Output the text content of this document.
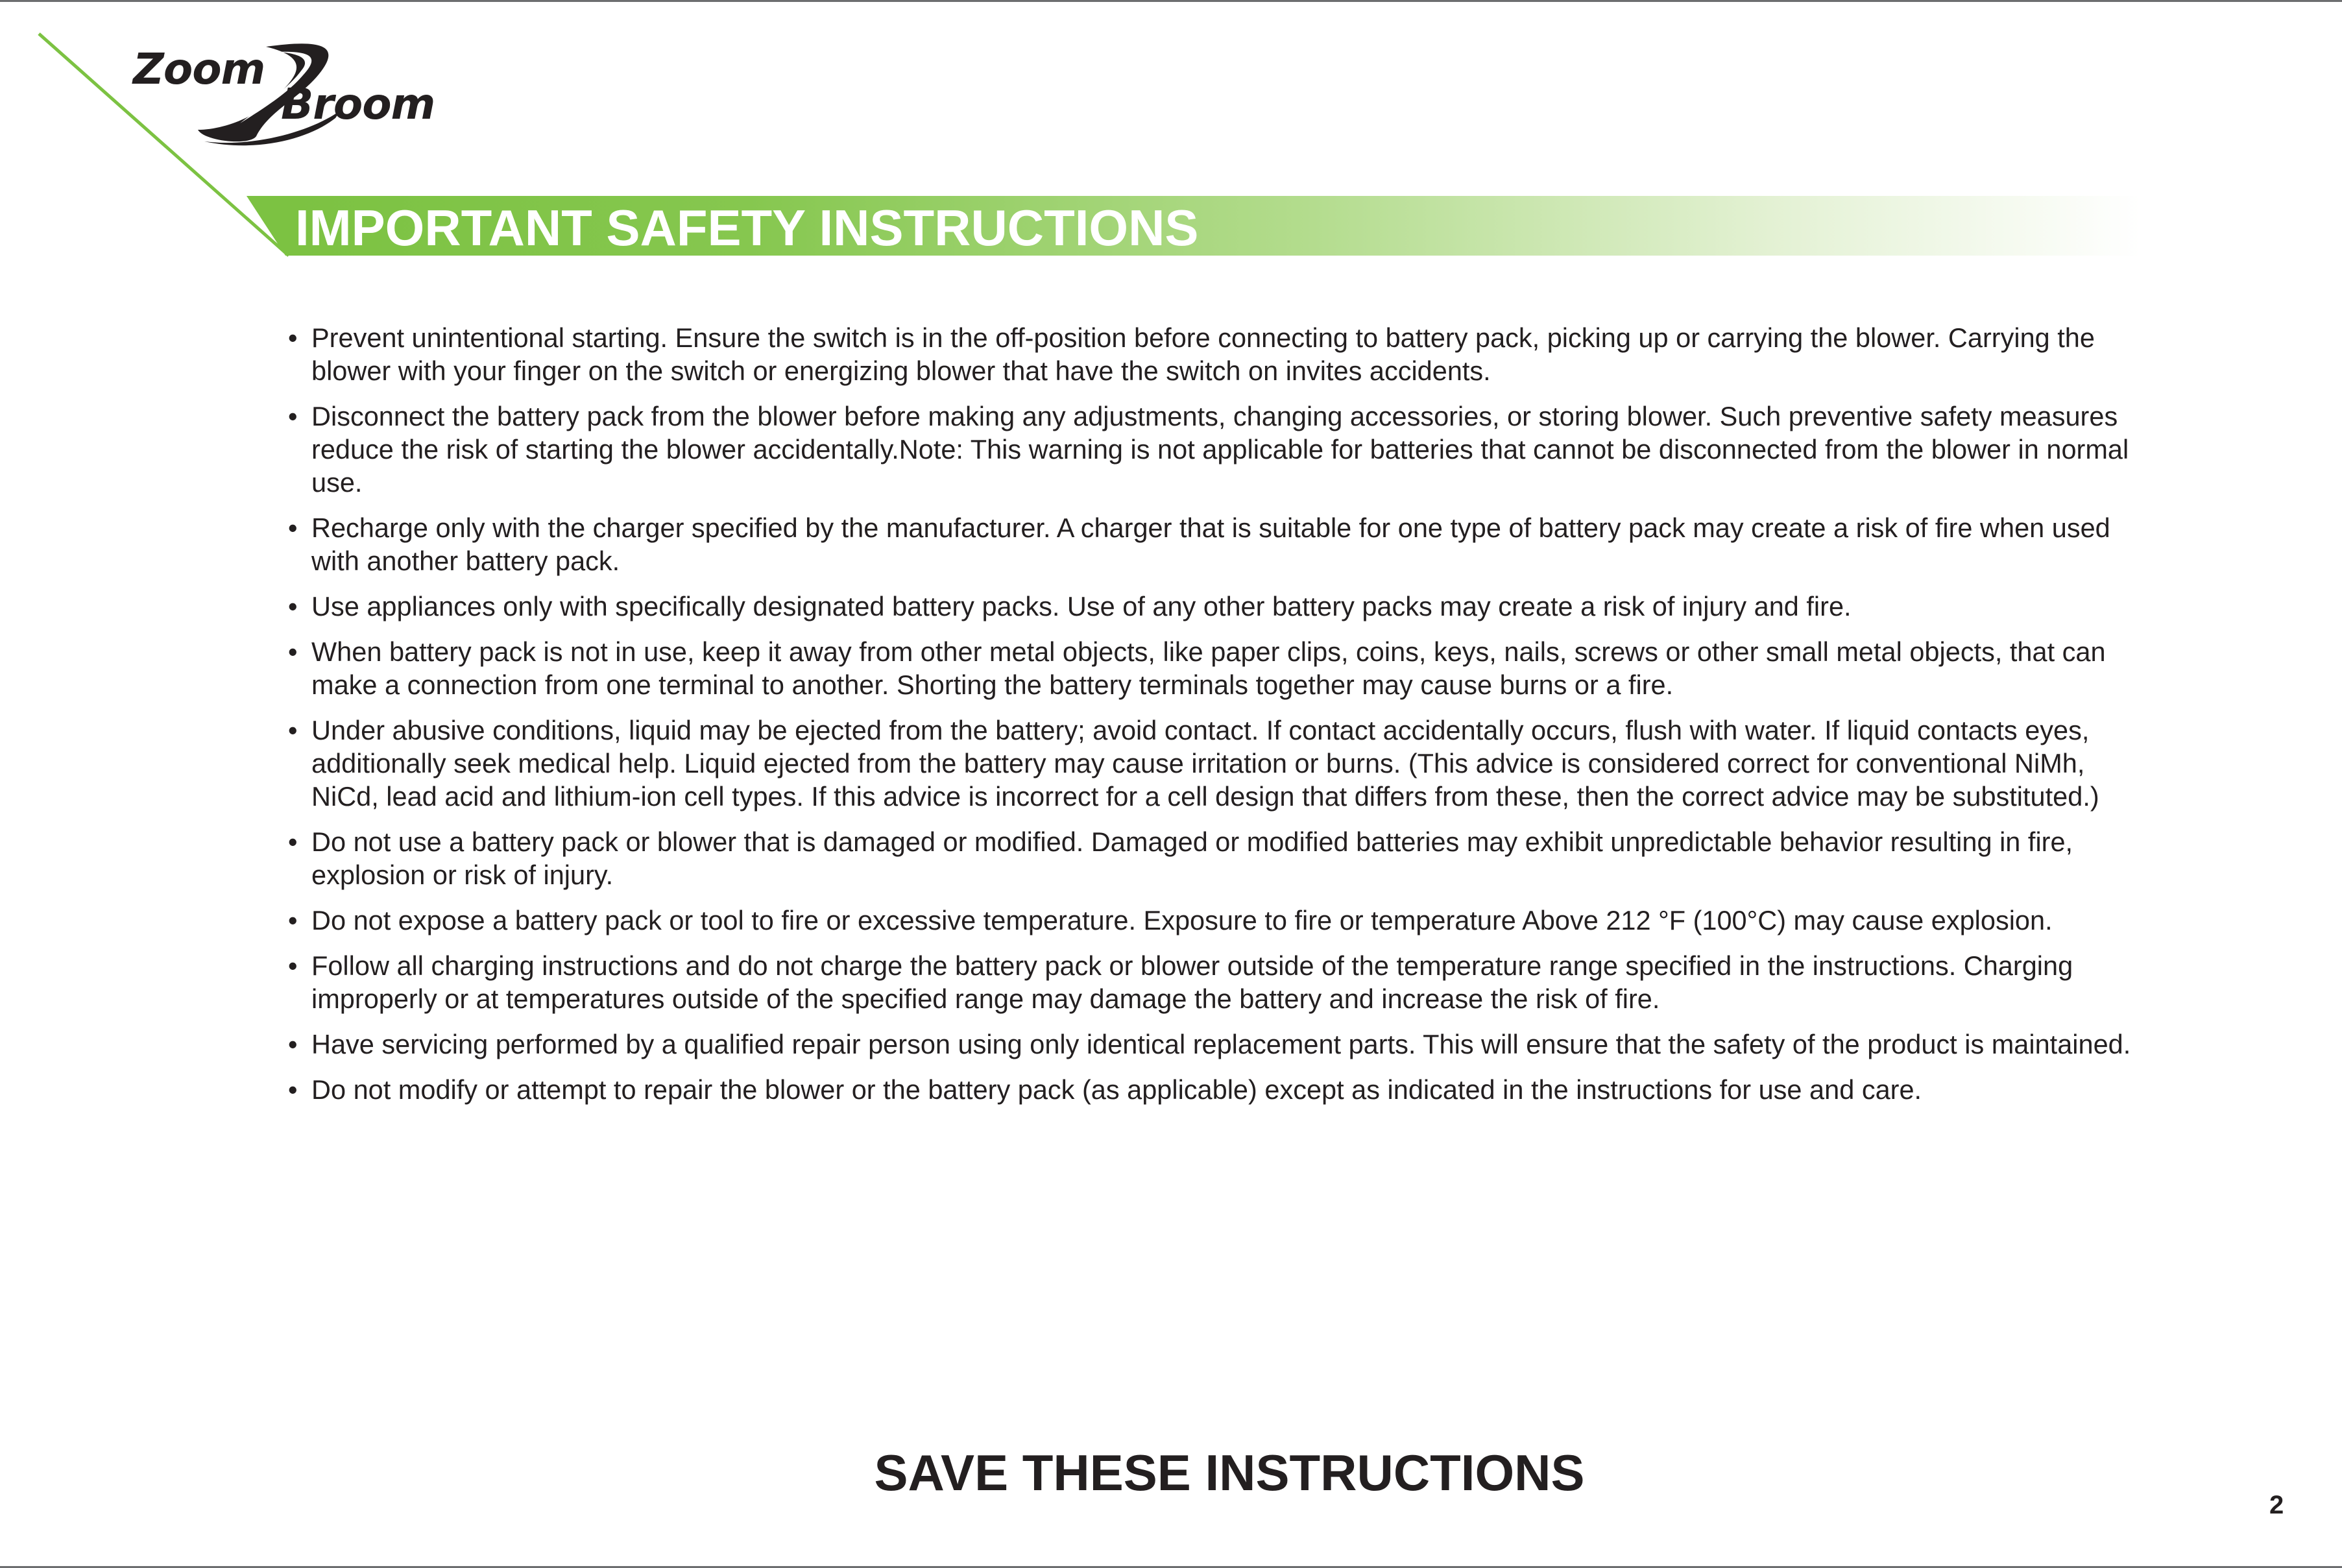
Zoom
Broom
IMPORTANT SAFETY INSTRUCTIONS
• Prevent unintentional starting. Ensure the switch is in the off-position before connecting to battery pack, picking up or carrying the blower. Carrying the blower with your finger on the switch or energizing blower that have the switch on invites accidents.
• Disconnect the battery pack from the blower before making any adjustments, changing accessories, or storing blower. Such preventive safety measures reduce the risk of starting the blower accidentally.Note: This warning is not applicable for batteries that cannot be disconnected from the blower in normal use.
• Recharge only with the charger specified by the manufacturer. A charger that is suitable for one type of battery pack may create a risk of fire when used with another battery pack.
• Use appliances only with specifically designated battery packs. Use of any other battery packs may create a risk of injury and fire.
• When battery pack is not in use, keep it away from other metal objects, like paper clips, coins, keys, nails, screws or other small metal objects, that can make a connection from one terminal to another. Shorting the battery terminals together may cause burns or a fire.
• Under abusive conditions, liquid may be ejected from the battery; avoid contact. If contact accidentally occurs, flush with water. If liquid contacts eyes, additionally seek medical help. Liquid ejected from the battery may cause irritation or burns. (This advice is considered correct for conventional NiMh, NiCd, lead acid and lithium-ion cell types. If this advice is incorrect for a cell design that differs from these, then the correct advice may be substituted.)
• Do not use a battery pack or blower that is damaged or modified. Damaged or modified batteries may exhibit unpredictable behavior resulting in fire, explosion or risk of injury.
• Do not expose a battery pack or tool to fire or excessive temperature. Exposure to fire or temperature Above 212 °F (100°C) may cause explosion.
• Follow all charging instructions and do not charge the battery pack or blower outside of the temperature range specified in the instructions. Charging improperly or at temperatures outside of the specified range may damage the battery and increase the risk of fire.
• Have servicing performed by a qualified repair person using only identical replacement parts. This will ensure that the safety of the product is maintained.
• Do not modify or attempt to repair the blower or the battery pack (as applicable) except as indicated in the instructions for use and care.
SAVE THESE INSTRUCTIONS
2
